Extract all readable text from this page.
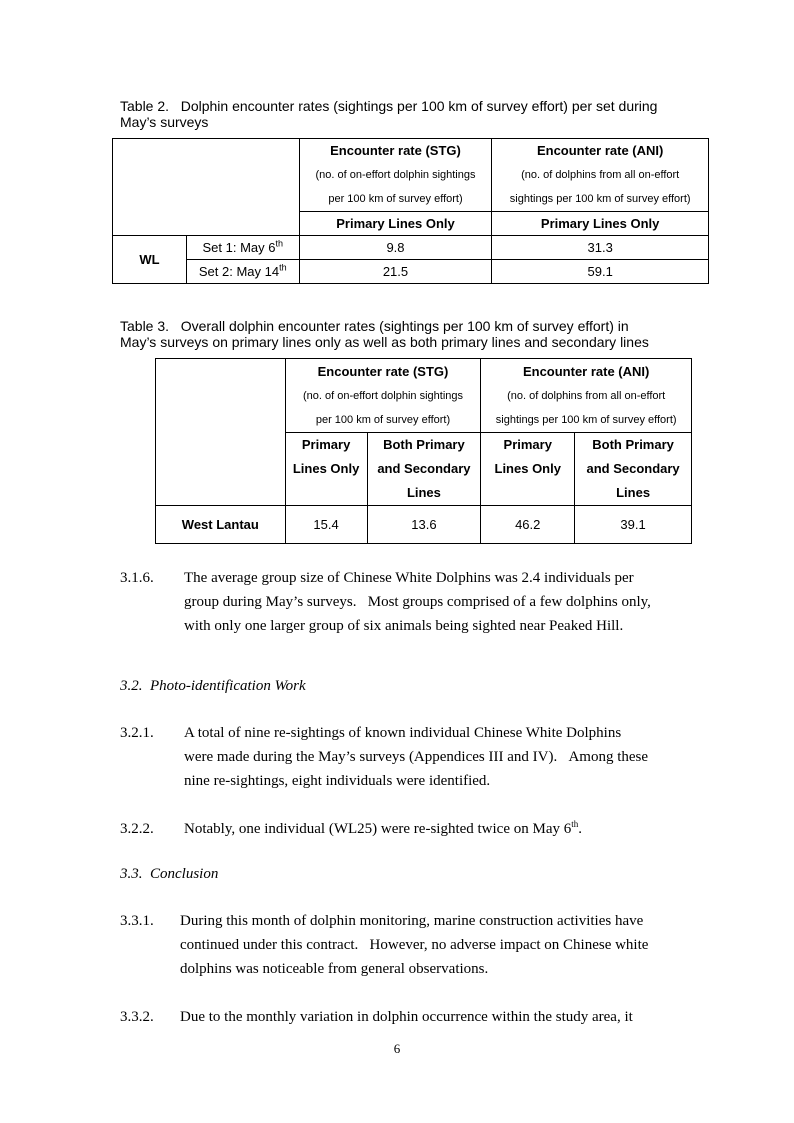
Table 2.   Dolphin encounter rates (sightings per 100 km of survey effort) per set during
May’s surveys

		Encounter rate (STG)
(no. of on-effort dolphin sightings
per 100 km of survey effort)	Encounter rate (ANI)
(no. of dolphins from all on-effort
sightings per 100 km of survey effort)

		Primary Lines Only	Primary Lines Only
WL	Set 1: May 6th	9.8	31.3
	Set 2: May 14th	21.5	59.1
Table 3.   Overall dolphin encounter rates (sightings per 100 km of survey effort) in
May’s surveys on primary lines only as well as both primary lines and secondary lines

	Encounter rate (STG)
(no. of on-effort dolphin sightings
per 100 km of survey effort)		Encounter rate (ANI)
(no. of dolphins from all on-effort
sightings per 100 km of survey effort)	

	Primary
Lines Only	Both Primary
and Secondary
Lines	Primary
Lines Only	Both Primary
and Secondary
Lines

West Lantau	15.4	13.6	46.2	39.1
3.1.6. The average group size of Chinese White Dolphins was 2.4 individuals per
group during May’s surveys.   Most groups comprised of a few dolphins only,
with only one larger group of six animals being sighted near Peaked Hill.
3.2.  Photo-identification Work
3.2.1. A total of nine re-sightings of known individual Chinese White Dolphins
were made during the May’s surveys (Appendices III and IV).   Among these
nine re-sightings, eight individuals were identified.
3.2.2. Notably, one individual (WL25) were re-sighted twice on May 6th.
3.3.  Conclusion
3.3.1. During this month of dolphin monitoring, marine construction activities have
continued under this contract.   However, no adverse impact on Chinese white
dolphins was noticeable from general observations.
3.3.2. Due to the monthly variation in dolphin occurrence within the study area, it
6
